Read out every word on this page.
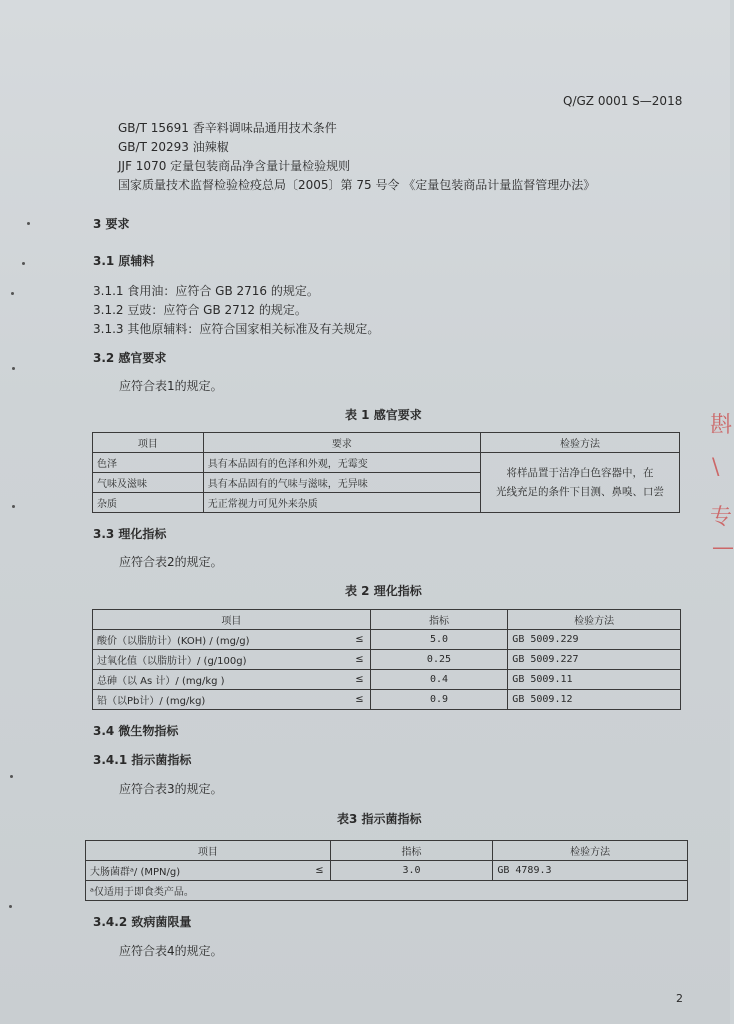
Q/GZ 0001 S—2018
GB/T 15691 香辛料调味品通用技术条件
GB/T 20293 油辣椒
JJF 1070 定量包装商品净含量计量检验规则
国家质量技术监督检验检疫总局〔2005〕第 75 号令 《定量包装商品计量监督管理办法》
3 要求
3.1 原辅料
3.1.1 食用油：应符合 GB 2716 的规定。
3.1.2 豆豉：应符合 GB 2712 的规定。
3.1.3 其他原辅料：应符合国家相关标准及有关规定。
3.2 感官要求
应符合表1的规定。
表 1 感官要求
项目	要求	检验方法
色泽	具有本品固有的色泽和外观，无霉变	将样品置于洁净白色容器中，在
光线充足的条件下目测、鼻嗅、口尝

气味及滋味	具有本品固有的气味与滋味，无异味	
杂质	无正常视力可见外来杂质	
3.3 理化指标
应符合表2的规定。
表 2 理化指标
项目		指标	检验方法
酸价（以脂肪计）(KOH) / (mg/g)	≤	5.0	GB 5009.229
过氧化值（以脂肪计）/ (g/100g)	≤	0.25	GB 5009.227
总砷（以 As 计）/ (mg/kg )	≤	0.4	GB 5009.11
铅（以Pb计）/ (mg/kg)	≤	0.9	GB 5009.12
3.4 微生物指标
3.4.1 指示菌指标
应符合表3的规定。
表3 指示菌指标
项目		指标	检验方法
大肠菌群ᵃ/ (MPN/g)	≤	3.0	GB 4789.3
ᵃ仅适用于即食类产品。			
3.4.2 致病菌限量
应符合表4的规定。
2
斟
\
专
—
